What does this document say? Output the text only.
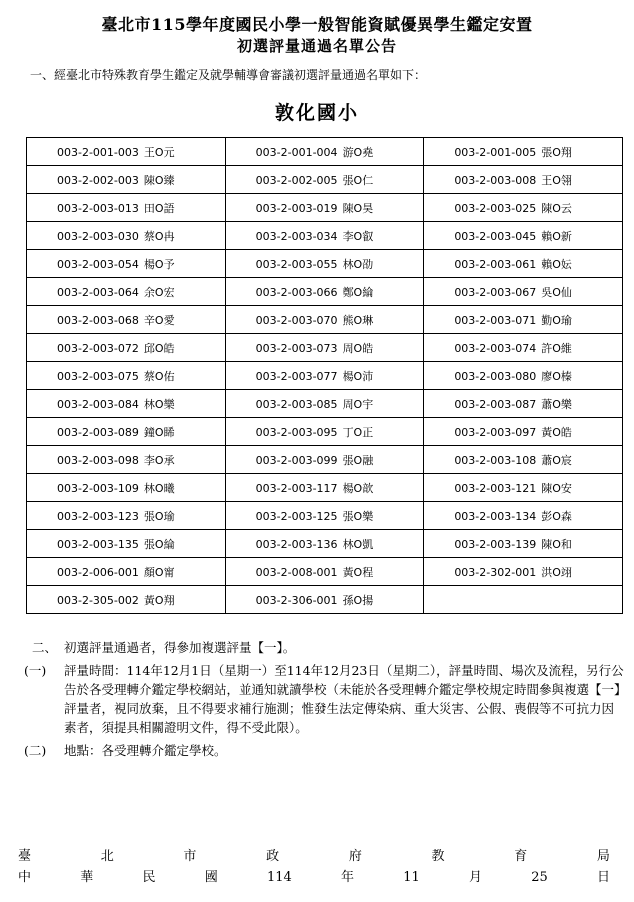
臺北市115學年度國民小學一般智能資賦優異學生鑑定安置
初選評量通過名單公告
一、經臺北市特殊教育學生鑑定及就學輔導會審議初選評量通過名單如下：
敦化國小
003-2-001-003 王O元	003-2-001-004 游O堯	003-2-001-005 張O翔
003-2-002-003 陳O臻	003-2-002-005 張O仁	003-2-003-008 王O翎
003-2-003-013 田O語	003-2-003-019 陳O昊	003-2-003-025 陳O云
003-2-003-030 蔡O冉	003-2-003-034 李O叡	003-2-003-045 賴O新
003-2-003-054 楊O予	003-2-003-055 林O劭	003-2-003-061 賴O妘
003-2-003-064 余O宏	003-2-003-066 鄭O綸	003-2-003-067 吳O仙
003-2-003-068 辛O愛	003-2-003-070 熊O琳	003-2-003-071 勤O瑜
003-2-003-072 邱O皓	003-2-003-073 周O皓	003-2-003-074 許O維
003-2-003-075 蔡O佑	003-2-003-077 楊O沛	003-2-003-080 廖O榛
003-2-003-084 林O樂	003-2-003-085 周O宇	003-2-003-087 蕭O樂
003-2-003-089 鐘O睎	003-2-003-095 丁O正	003-2-003-097 黃O皓
003-2-003-098 李O承	003-2-003-099 張O融	003-2-003-108 蕭O宸
003-2-003-109 林O曦	003-2-003-117 楊O歆	003-2-003-121 陳O安
003-2-003-123 張O瑜	003-2-003-125 張O樂	003-2-003-134 彭O森
003-2-003-135 張O綸	003-2-003-136 林O凱	003-2-003-139 陳O和
003-2-006-001 顏O甯	003-2-008-001 黃O程	003-2-302-001 洪O翊
003-2-305-002 黃O翔	003-2-306-001 孫O揚	
二、 初選評量通過者，得參加複選評量【一】。
(一) 評量時間：114年12月1日（星期一）至114年12月23日（星期二），評量時間、場次及流程，另行公告於各受理轉介鑑定學校網站，並通知就讀學校（未能於各受理轉介鑑定學校規定時間參與複選【一】評量者，視同放棄，且不得要求補行施測；惟發生法定傳染病、重大災害、公假、喪假等不可抗力因素者，須提具相關證明文件，得不受此限）。
(二) 地點：各受理轉介鑑定學校。
臺	北	市	政	府	教	育	局
中	華	民	國	114	年	11	月	25	日
